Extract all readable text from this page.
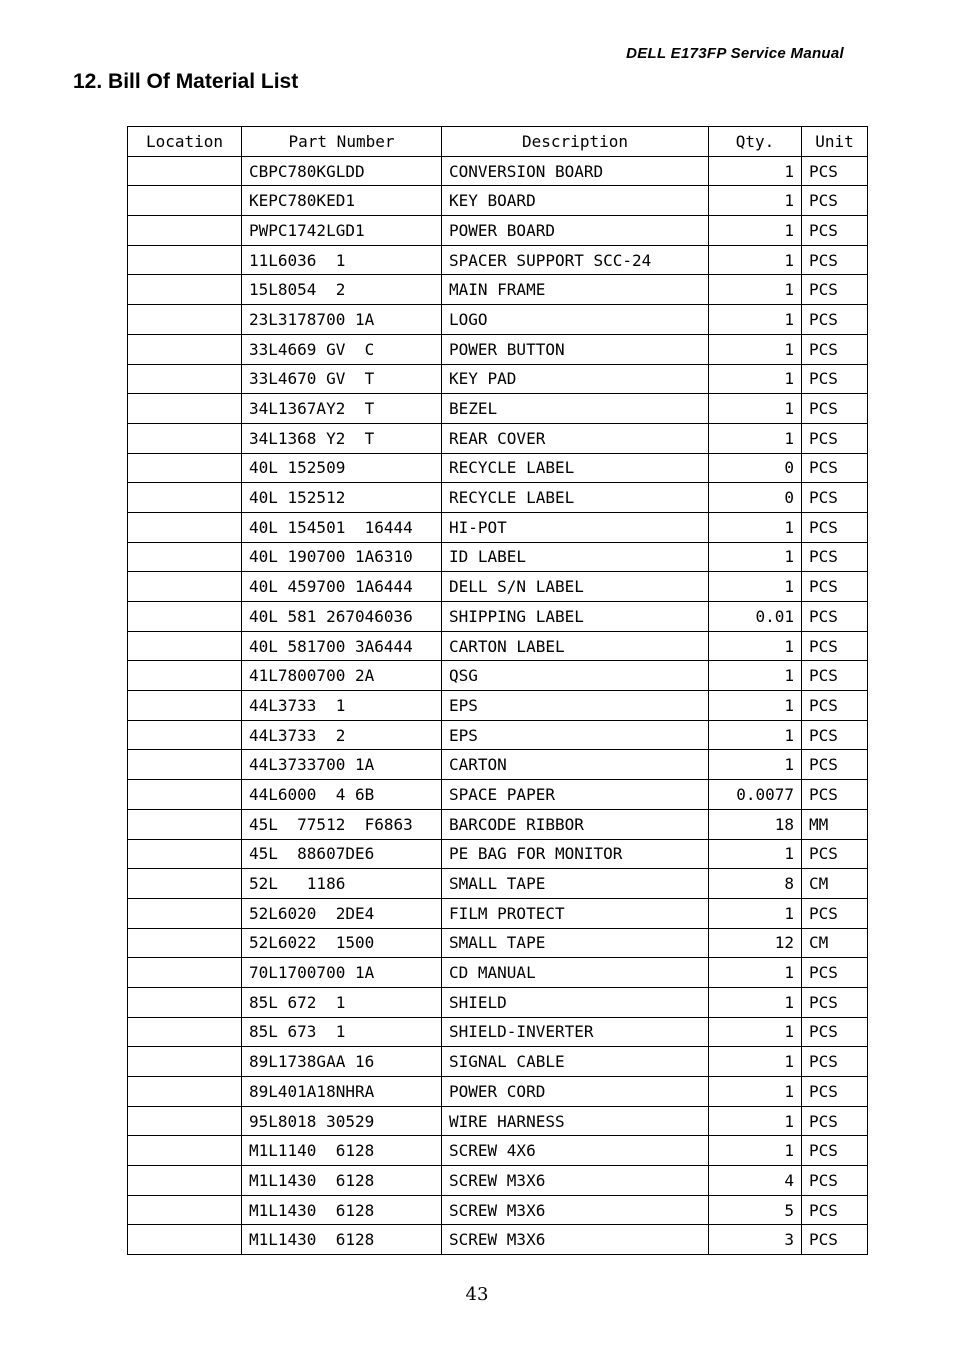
DELL E173FP Service Manual
12. Bill Of Material List
Location	Part Number	Description	Qty.	Unit
	CBPC780KGLDD	CONVERSION BOARD	1	PCS
	KEPC780KED1	KEY BOARD	1	PCS
	PWPC1742LGD1	POWER BOARD	1	PCS
	11L6036  1	SPACER SUPPORT SCC-24	1	PCS
	15L8054  2	MAIN FRAME	1	PCS
	23L3178700 1A	LOGO	1	PCS
	33L4669 GV  C	POWER BUTTON	1	PCS
	33L4670 GV  T	KEY PAD	1	PCS
	34L1367AY2  T	BEZEL	1	PCS
	34L1368 Y2  T	REAR COVER	1	PCS
	40L 152509	RECYCLE LABEL	0	PCS
	40L 152512	RECYCLE LABEL	0	PCS
	40L 154501  16444	HI-POT	1	PCS
	40L 190700 1A6310	ID LABEL	1	PCS
	40L 459700 1A6444	DELL S/N LABEL	1	PCS
	40L 581 267046036	SHIPPING LABEL	0.01	PCS
	40L 581700 3A6444	CARTON LABEL	1	PCS
	41L7800700 2A	QSG	1	PCS
	44L3733  1	EPS	1	PCS
	44L3733  2	EPS	1	PCS
	44L3733700 1A	CARTON	1	PCS
	44L6000  4 6B	SPACE PAPER	0.0077	PCS
	45L  77512  F6863	BARCODE RIBBOR	18	MM
	45L  88607DE6	PE BAG FOR MONITOR	1	PCS
	52L   1186	SMALL TAPE	8	CM
	52L6020  2DE4	FILM PROTECT	1	PCS
	52L6022  1500	SMALL TAPE	12	CM
	70L1700700 1A	CD MANUAL	1	PCS
	85L 672  1	SHIELD	1	PCS
	85L 673  1	SHIELD-INVERTER	1	PCS
	89L1738GAA 16	SIGNAL CABLE	1	PCS
	89L401A18NHRA	POWER CORD	1	PCS
	95L8018 30529	WIRE HARNESS	1	PCS
	M1L1140  6128	SCREW 4X6	1	PCS
	M1L1430  6128	SCREW M3X6	4	PCS
	M1L1430  6128	SCREW M3X6	5	PCS
	M1L1430  6128	SCREW M3X6	3	PCS
43
